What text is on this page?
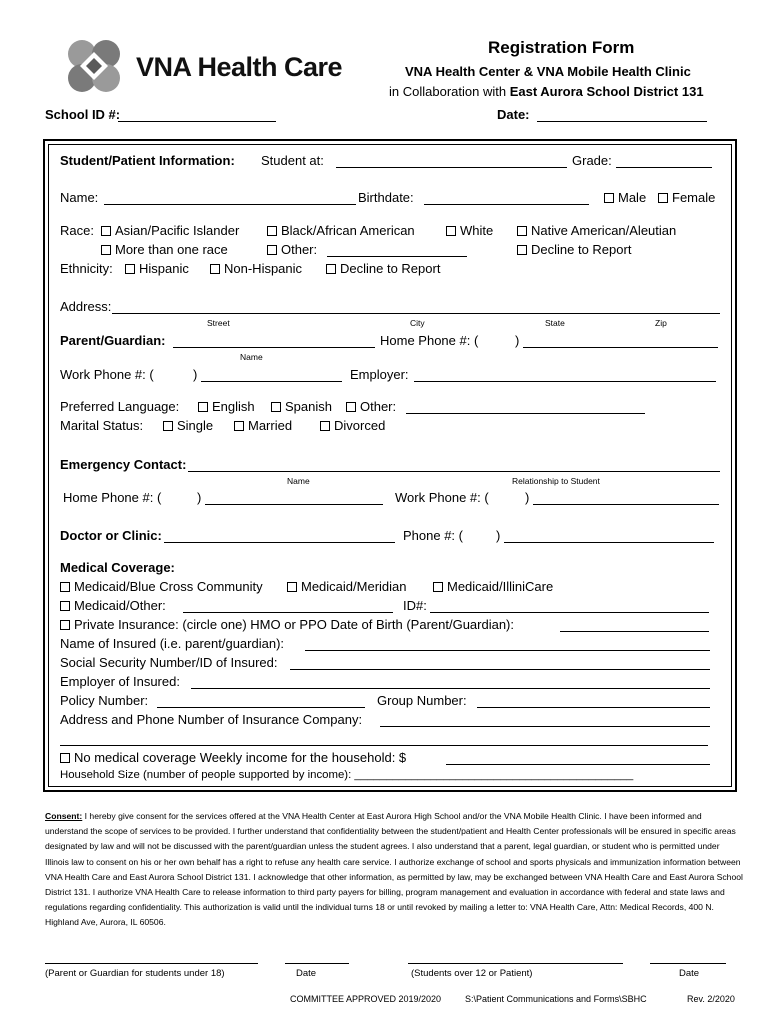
VNA Health Care
Registration Form
VNA Health Center & VNA Mobile Health Clinic
in Collaboration with East Aurora School District 131
School ID #:	Date:
Student/Patient Information: Student at:	Grade:
Name:	Birthdate:	Male	Female
Race:	Asian/Pacific Islander	Black/African American	White	Native American/Aleutian
More than one race	Other:	Decline to Report
Ethnicity:	Hispanic	Non-Hispanic	Decline to Report
Address:
Street	City	State	Zip
Parent/Guardian:
Name
Home Phone #: (	)
Work Phone #: (	)	Employer:
Preferred Language:	English	Spanish	Other:
Marital Status:	Single	Married	Divorced
Emergency Contact:
Name	Relationship to Student
Home Phone #: (	)	Work Phone #: (	)
Doctor or Clinic:	Phone #: (	)
Medical Coverage:
Medicaid/Blue Cross Community	Medicaid/Meridian	Medicaid/IlliniCare
Medicaid/Other:	ID#:
Private Insurance: (circle one) HMO or PPO Date of Birth (Parent/Guardian):
Name of Insured (i.e. parent/guardian):
Social Security Number/ID of Insured:
Employer of Insured:
Policy Number:	Group Number:
Address and Phone Number of Insurance Company:
No medical coverage Weekly income for the household: $
Household Size (number of people supported by income): ____________________________________________
Consent: I hereby give consent for the services offered at the VNA Health Center at East Aurora High School and/or the VNA Mobile Health Clinic. I have been informed and understand the scope of services to be provided. I further understand that confidentiality between the student/patient and Health Center professionals will be ensured in specific areas designated by law and will not be discussed with the parent/guardian unless the student agrees. I also understand that a parent, legal guardian, or student who is permitted under Illinois law to consent on his or her own behalf has a right to refuse any health care service. I authorize exchange of school and sports physicals and immunization information between VNA Health Care and East Aurora School District 131. I acknowledge that other information, as permitted by law, may be exchanged between VNA Health Care and East Aurora School District 131. I authorize VNA Health Care to release information to third party payers for billing, program management and evaluation in accordance with federal and state laws and regulations regarding confidentiality. This authorization is valid until the individual turns 18 or until revoked by mailing a letter to: VNA Health Care, Attn: Medical Records, 400 N. Highland Ave, Aurora, IL 60506.
(Parent or Guardian for students under 18)	Date	(Students over 12 or Patient)	Date
COMMITTEE APPROVED 2019/2020	S:\Patient Communications and Forms\SBHC	Rev. 2/2020
